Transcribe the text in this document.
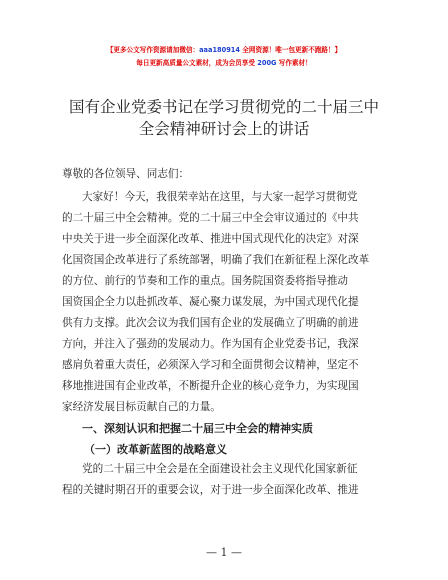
【更多公文写作资源请加微信：aaa180914 全网资源！唯一包更新不跑路！】
每日更新高质量公文素材，成为会员享受 200G 写作素材！
国有企业党委书记在学习贯彻党的二十届三中
全会精神研讨会上的讲话
尊敬的各位领导、同志们：
大家好！今天，我很荣幸站在这里，与大家一起学习贯彻党
的二十届三中全会精神。党的二十届三中全会审议通过的《中共
中央关于进一步全面深化改革、推进中国式现代化的决定》对深
化国资国企改革进行了系统部署，明确了我们在新征程上深化改革
的方位、前行的节奏和工作的重点。国务院国资委将指导推动
国资国企全力以赴抓改革、凝心聚力谋发展，为中国式现代化提
供有力支撑。此次会议为我们国有企业的发展确立了明确的前进
方向，并注入了强劲的发展动力。作为国有企业党委书记，我深
感肩负着重大责任，必须深入学习和全面贯彻会议精神，坚定不
移地推进国有企业改革，不断提升企业的核心竞争力，为实现国
家经济发展目标贡献自己的力量。
一、深刻认识和把握二十届三中全会的精神实质
（一）改革新蓝图的战略意义
党的二十届三中全会是在全面建设社会主义现代化国家新征
程的关键时期召开的重要会议，对于进一步全面深化改革、推进
— 1 —
